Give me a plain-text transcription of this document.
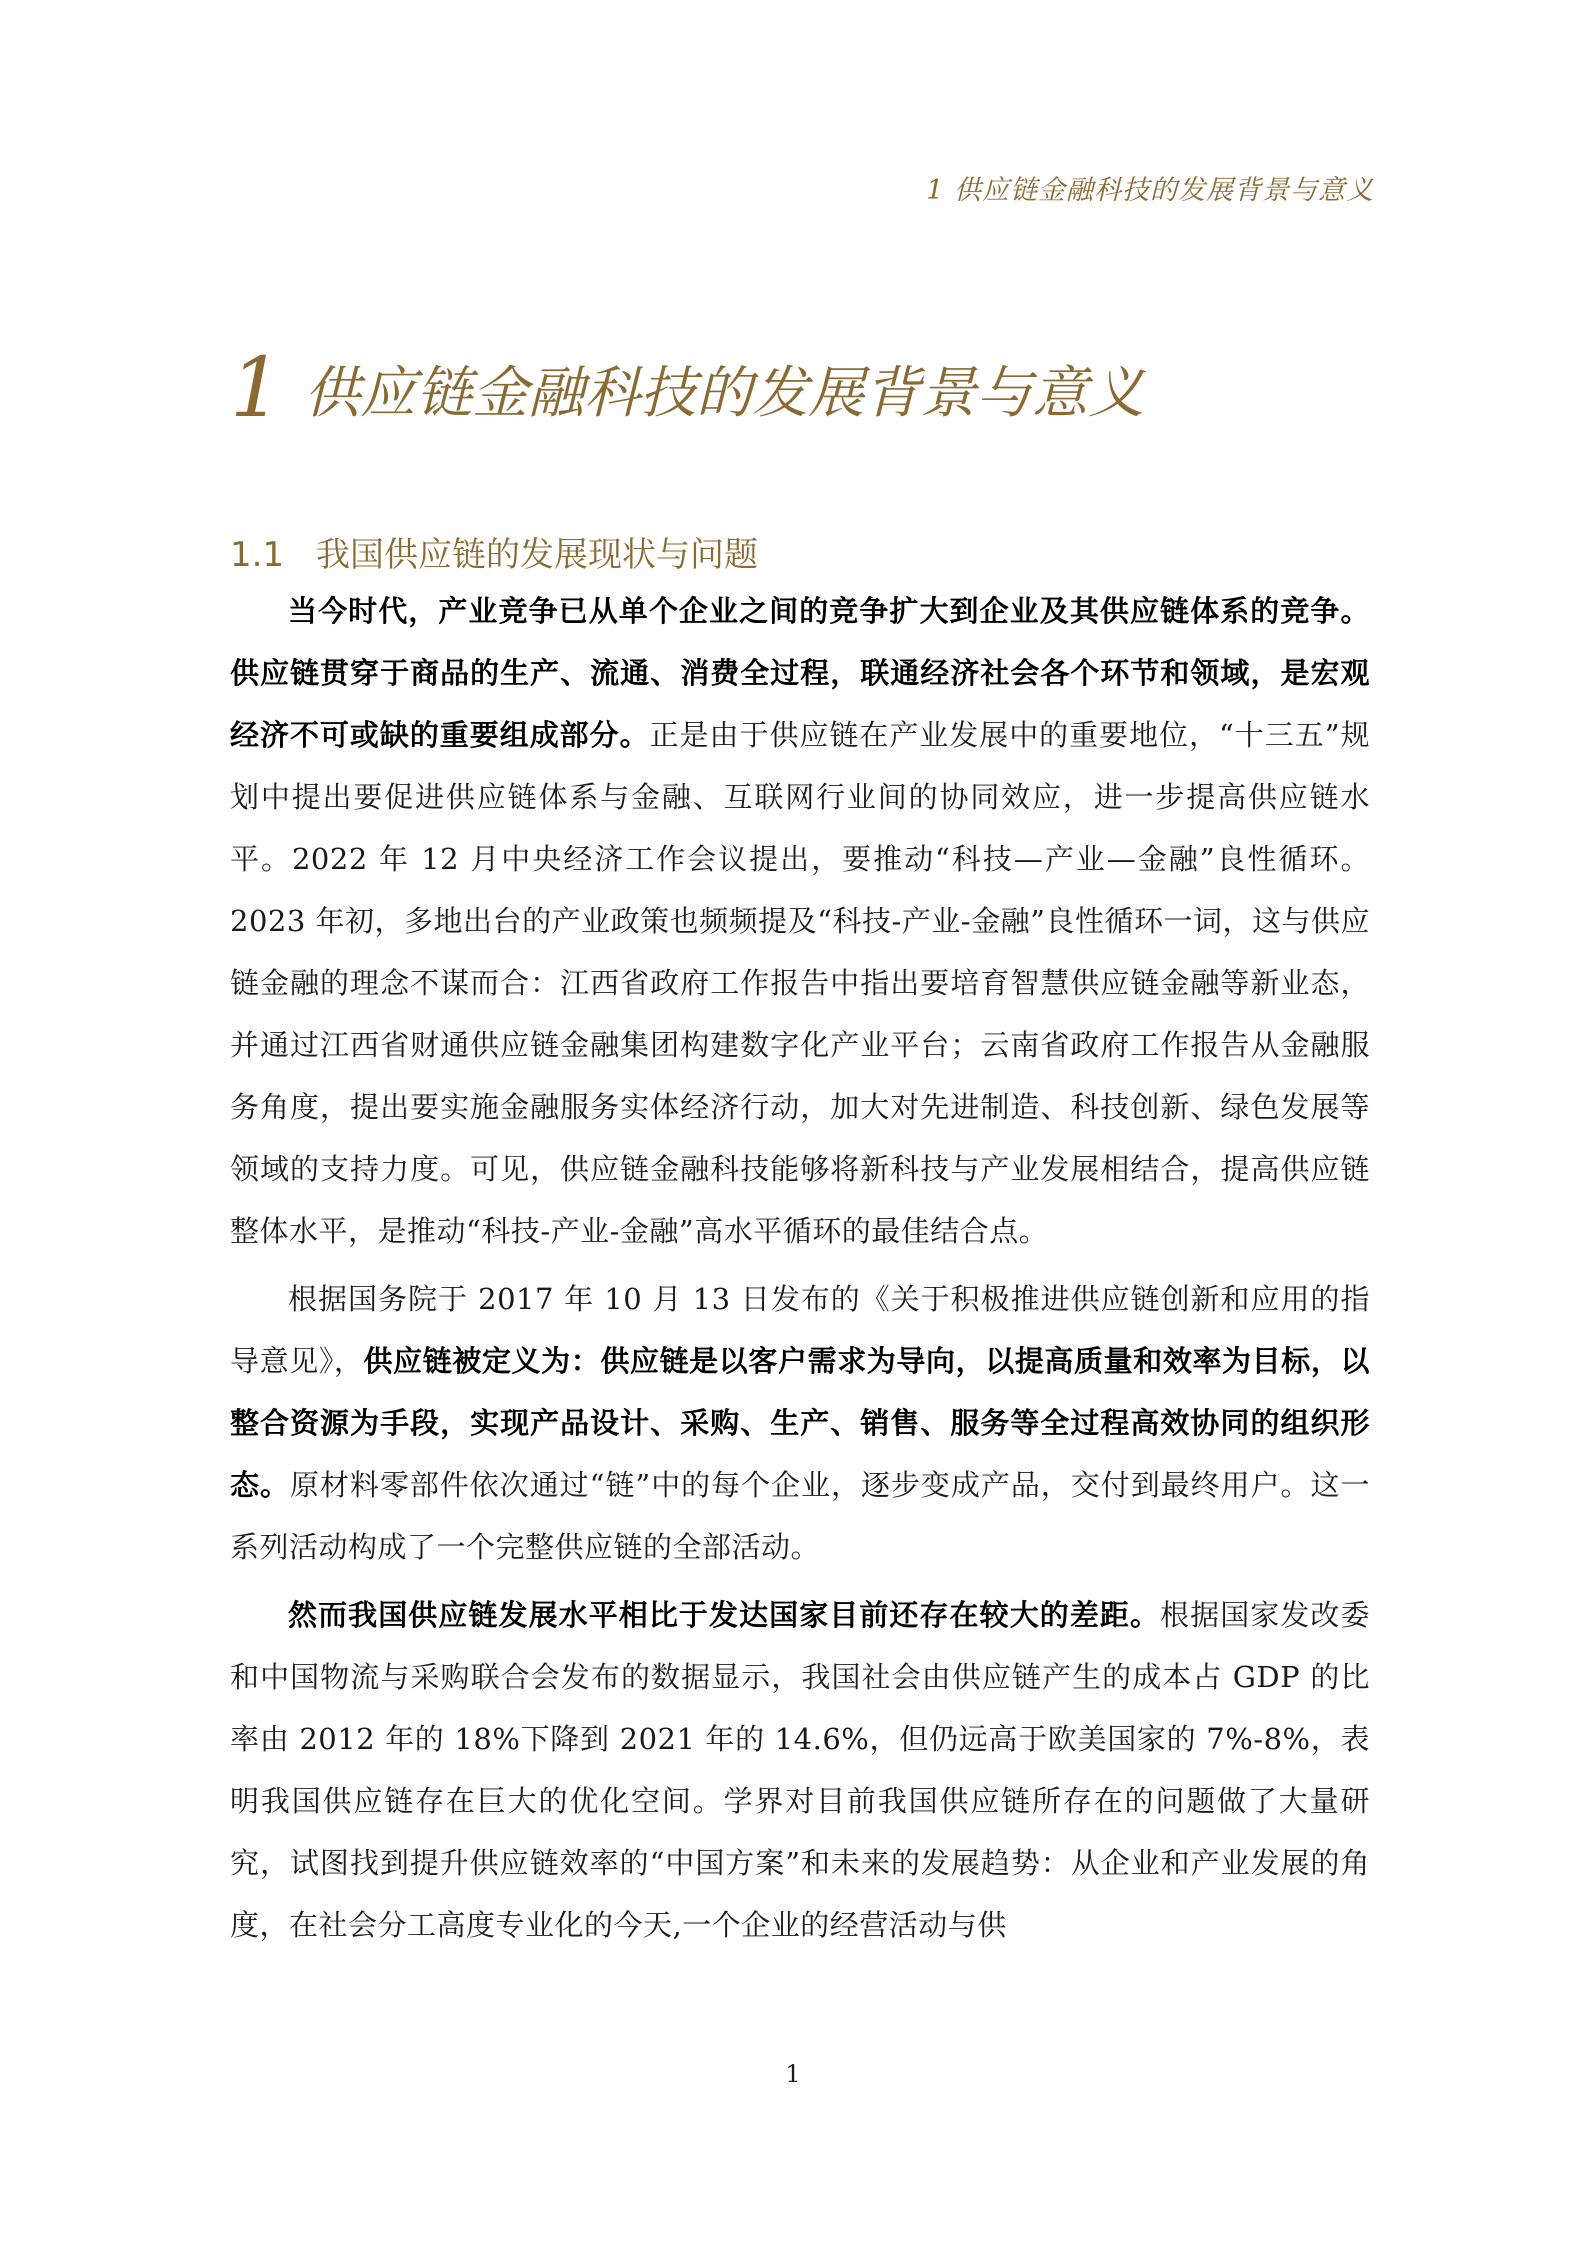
1 供应链金融科技的发展背景与意义
1 供应链金融科技的发展背景与意义
1.1 我国供应链的发展现状与问题

当今时代，产业竞争已从单个企业之间的竞争扩大到企业及其供应链体系的竞争。供应链贯穿于商品的生产、流通、消费全过程，联通经济社会各个环节和领域，是宏观经济不可或缺的重要组成部分。正是由于供应链在产业发展中的重要地位，“十三五”规划中提出要促进供应链体系与金融、互联网行业间的协同效应，进一步提高供应链水平。2022 年 12 月中央经济工作会议提出，要推动“科技—产业—金融”良性循环。2023 年初，多地出台的产业政策也频频提及“科技-产业-金融”良性循环一词，这与供应链金融的理念不谋而合：江西省政府工作报告中指出要培育智慧供应链金融等新业态，并通过江西省财通供应链金融集团构建数字化产业平台；云南省政府工作报告从金融服务角度，提出要实施金融服务实体经济行动，加大对先进制造、科技创新、绿色发展等领域的支持力度。可见，供应链金融科技能够将新科技与产业发展相结合，提高供应链整体水平，是推动“科技-产业-金融”高水平循环的最佳结合点。

根据国务院于 2017 年 10 月 13 日发布的《关于积极推进供应链创新和应用的指导意见》，供应链被定义为：供应链是以客户需求为导向，以提高质量和效率为目标，以整合资源为手段，实现产品设计、采购、生产、销售、服务等全过程高效协同的组织形态。原材料零部件依次通过“链”中的每个企业，逐步变成产品，交付到最终用户。这一系列活动构成了一个完整供应链的全部活动。

然而我国供应链发展水平相比于发达国家目前还存在较大的差距。根据国家发改委和中国物流与采购联合会发布的数据显示，我国社会由供应链产生的成本占 GDP 的比率由 2012 年的 18%下降到 2021 年的 14.6%，但仍远高于欧美国家的 7%-8%，表明我国供应链存在巨大的优化空间。学界对目前我国供应链所存在的问题做了大量研究，试图找到提升供应链效率的“中国方案”和未来的发展趋势：从企业和产业发展的角度，在社会分工高度专业化的今天,一个企业的经营活动与供

1
